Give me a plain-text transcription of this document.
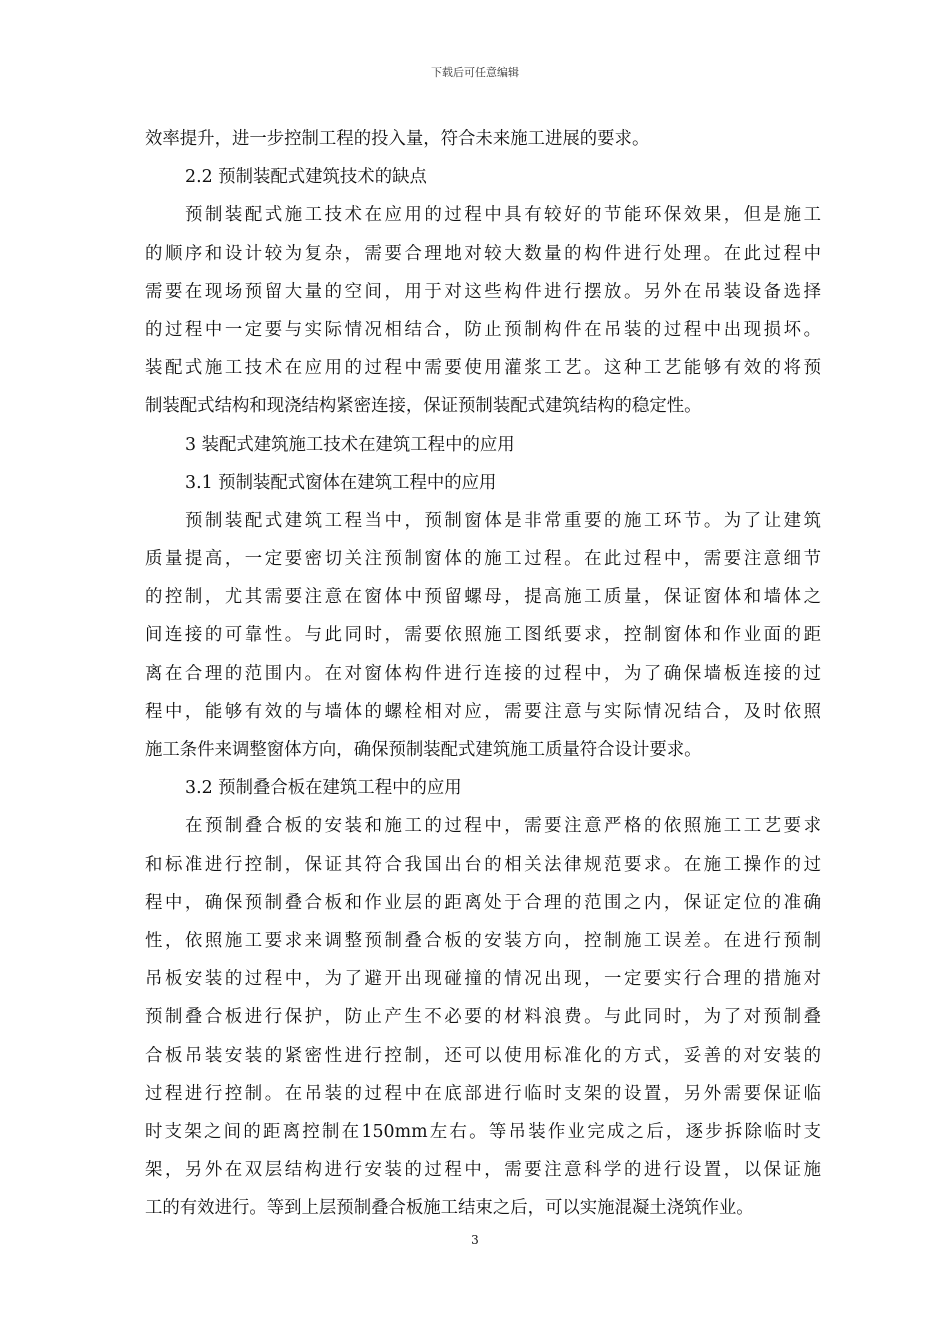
下载后可任意编辑
效率提升，进一步控制工程的投入量，符合未来施工进展的要求。
2.2 预制装配式建筑技术的缺点
预制装配式施工技术在应用的过程中具有较好的节能环保效果，但是施工
的顺序和设计较为复杂，需要合理地对较大数量的构件进行处理。在此过程中
需要在现场预留大量的空间，用于对这些构件进行摆放。另外在吊装设备选择
的过程中一定要与实际情况相结合，防止预制构件在吊装的过程中出现损坏。
装配式施工技术在应用的过程中需要使用灌浆工艺。这种工艺能够有效的将预
制装配式结构和现浇结构紧密连接，保证预制装配式建筑结构的稳定性。
3 装配式建筑施工技术在建筑工程中的应用
3.1 预制装配式窗体在建筑工程中的应用
预制装配式建筑工程当中，预制窗体是非常重要的施工环节。为了让建筑
质量提高，一定要密切关注预制窗体的施工过程。在此过程中，需要注意细节
的控制，尤其需要注意在窗体中预留螺母，提高施工质量，保证窗体和墙体之
间连接的可靠性。与此同时，需要依照施工图纸要求，控制窗体和作业面的距
离在合理的范围内。在对窗体构件进行连接的过程中，为了确保墙板连接的过
程中，能够有效的与墙体的螺栓相对应，需要注意与实际情况结合，及时依照
施工条件来调整窗体方向，确保预制装配式建筑施工质量符合设计要求。
3.2 预制叠合板在建筑工程中的应用
在预制叠合板的安装和施工的过程中，需要注意严格的依照施工工艺要求
和标准进行控制，保证其符合我国出台的相关法律规范要求。在施工操作的过
程中，确保预制叠合板和作业层的距离处于合理的范围之内，保证定位的准确
性，依照施工要求来调整预制叠合板的安装方向，控制施工误差。在进行预制
吊板安装的过程中，为了避开出现碰撞的情况出现，一定要实行合理的措施对
预制叠合板进行保护，防止产生不必要的材料浪费。与此同时，为了对预制叠
合板吊装安装的紧密性进行控制，还可以使用标准化的方式，妥善的对安装的
过程进行控制。在吊装的过程中在底部进行临时支架的设置，另外需要保证临
时支架之间的距离控制在150mm左右。等吊装作业完成之后，逐步拆除临时支
架，另外在双层结构进行安装的过程中，需要注意科学的进行设置，以保证施
工的有效进行。等到上层预制叠合板施工结束之后，可以实施混凝土浇筑作业。
3
